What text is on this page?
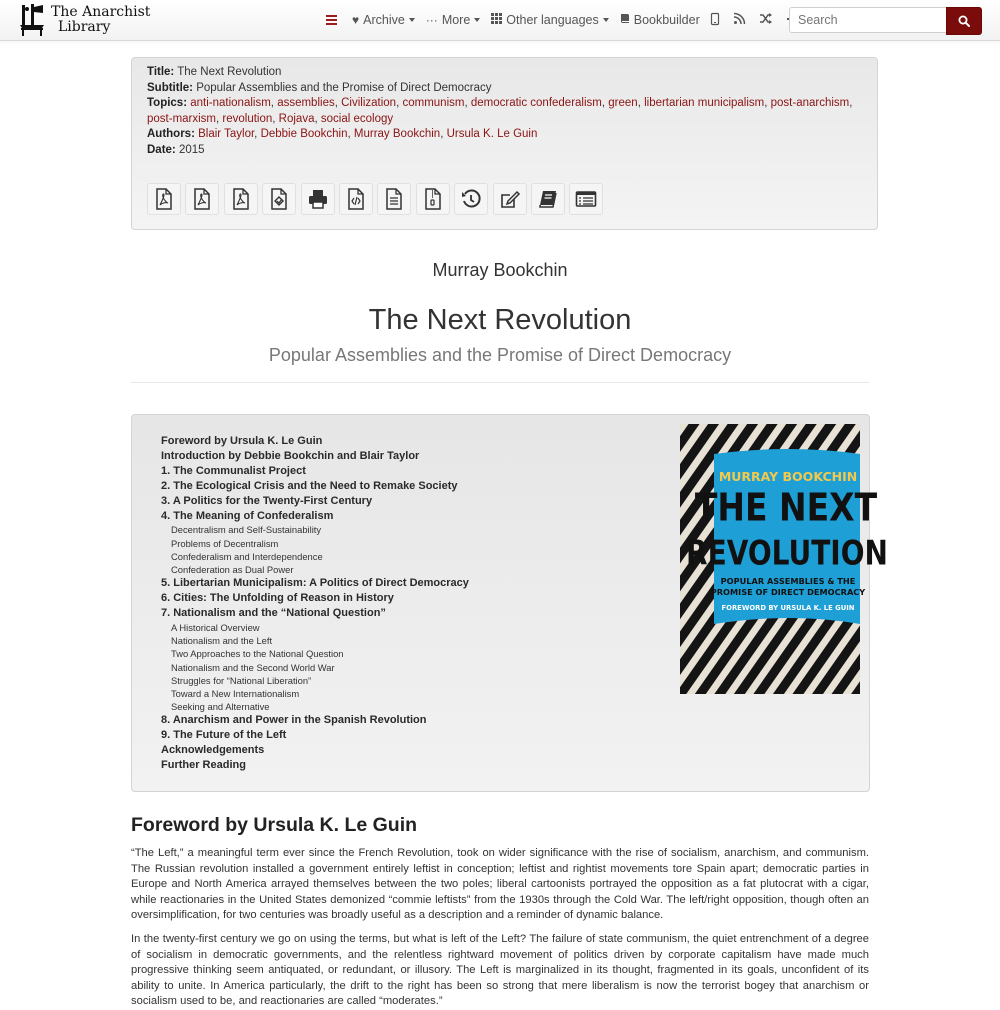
The Anarchist
Library	♥ Archive ··· More	Other languages	Bookbuilder
Search

Title: The Next Revolution

Subtitle: Popular Assemblies and the Promise of Direct Democracy

Topics: anti-nationalism, assemblies, Civilization, communism, democratic confederalism, green, libertarian municipalism, post-anarchism, post-marxism, revolution, Rojava, social ecology

Authors: Blair Taylor, Debbie Bookchin, Murray Bookchin, Ursula K. Le Guin

Date: 2015

Murray Bookchin
The Next Revolution
Popular Assemblies and the Promise of Direct Democracy
Foreword by Ursula K. Le Guin
Introduction by Debbie Bookchin and Blair Taylor
1. The Communalist Project
2. The Ecological Crisis and the Need to Remake Society
3. A Politics for the Twenty-First Century
4. The Meaning of Confederalism
Decentralism and Self-Sustainability
Problems of Decentralism
Confederalism and Interdependence
Confederation as Dual Power
5. Libertarian Municipalism: A Politics of Direct Democracy
6. Cities: The Unfolding of Reason in History
7. Nationalism and the “National Question”
A Historical Overview
Nationalism and the Left
Two Approaches to the National Question
Nationalism and the Second World War
Struggles for “National Liberation”
Toward a New Internationalism
Seeking and Alternative
8. Anarchism and Power in the Spanish Revolution
9. The Future of the Left
Acknowledgements
Further Reading
MURRAY BOOKCHIN
THE NEXT
REVOLUTION
POPULAR ASSEMBLIES & THE
PROMISE OF DIRECT DEMOCRACY
FOREWORD BY URSULA K. LE GUIN
Foreword by Ursula K. Le Guin

“The Left,” a meaningful term ever since the French Revolution, took on wider significance with the rise of socialism, anarchism, and communism. The Russian revolution installed a government entirely leftist in conception; leftist and rightist movements tore Spain apart; democratic parties in Europe and North America arrayed themselves between the two poles; liberal cartoonists portrayed the opposition as a fat plutocrat with a cigar, while reactionaries in the United States demonized “commie leftists” from the 1930s through the Cold War. The left/right opposition, though often an oversimplification, for two centuries was broadly useful as a description and a reminder of dynamic balance.

In the twenty-first century we go on using the terms, but what is left of the Left? The failure of state communism, the quiet entrenchment of a degree of socialism in democratic governments, and the relentless rightward movement of politics driven by corporate capitalism have made much progressive thinking seem antiquated, or redundant, or illusory. The Left is marginalized in its thought, fragmented in its goals, unconfident of its ability to unite. In America particularly, the drift to the right has been so strong that mere liberalism is now the terrorist bogey that anarchism or socialism used to be, and reactionaries are called “moderates.”
